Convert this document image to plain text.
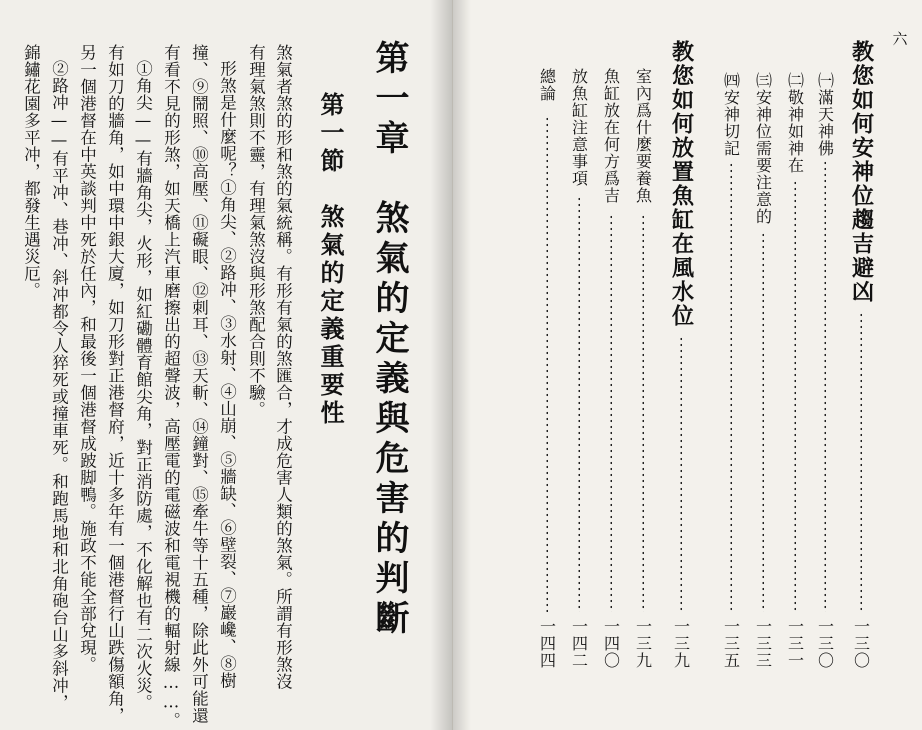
第一章　煞氣的定義與危害的判斷
第一節　煞氣的定義重要性
煞氣者煞的形和煞的氣統稱。有形有氣的煞匯合，才成危害人類的煞氣。所謂有形煞沒
有理氣煞則不靈，有理氣煞沒與形煞配合則不驗。
形煞是什麼呢？①角尖、②路冲、③水射、④山崩、⑤牆缺、⑥壁裂、⑦巖巉、⑧樹
撞、⑨鬧照、⑩高壓、⑪礙眼、⑫刺耳、⑬天斬、⑭鐘對、⑮牽牛等十五種，除此外可能還
有看不見的形煞，如天橋上汽車磨擦出的超聲波，高壓電的電磁波和電視機的輻射線……。
①角尖——有牆角尖，火形，如紅磡體育館尖角，對正消防處，不化解也有二次火災。
有如刀的牆角，如中環中銀大廈，如刀形對正港督府，近十多年有一個港督行山跌傷額角，
另一個港督在中英談判中死於任內，和最後一個港督成跛脚鴨。施政不能全部兌現。
②路冲——有平冲、巷冲、斜冲都令人猝死或撞車死。和跑馬地和北角砲台山多斜冲，
錦鏽花園多平冲，都發生遇災厄。
六
教您如何安神位趨吉避凶
一三〇
㈠滿天神佛
一三〇
㈡敬神如神在
一三一
㈢安神位需要注意的
一三三
㈣安神切記
一三五
教您如何放置魚缸在風水位
一三九
室內爲什麼要養魚
一三九
魚缸放在何方爲吉
一四〇
放魚缸注意事項
一四二
總論
一四四
